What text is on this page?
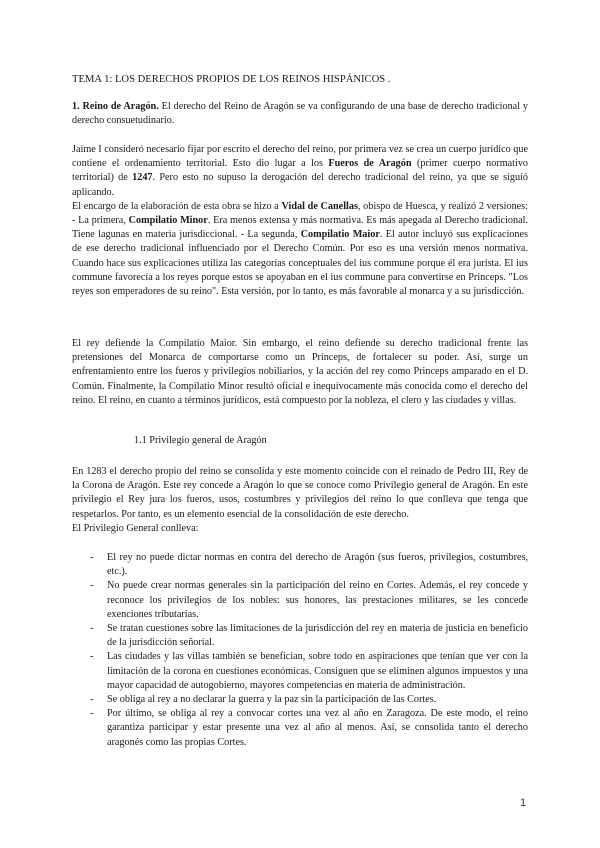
TEMA 1: LOS DERECHOS PROPIOS DE LOS REINOS HISPÁNICOS .

1. Reino de Aragón. El derecho del Reino de Aragón se va configurando de una base de derecho tradicional y derecho consuetudinario.

Jaime I consideró necesario fijar por escrito el derecho del reino, por primera vez se crea un cuerpo jurídico que contiene el ordenamiento territorial. Esto dio lugar a los Fueros de Aragón (primer cuerpo normativo territorial) de 1247. Pero esto no supuso la derogación del derecho tradicional del reino, ya que se siguió aplicando.

El encargo de la elaboración de esta obra se hizo a Vidal de Canellas, obispo de Huesca, y realizó 2 versiones: - La primera, Compilatio Minor. Era menos extensa y más normativa. Es más apegada al Derecho tradicional. Tiene lagunas en materia jurisdiccional. - La segunda, Compilatio Maior. El autor incluyó sus explicaciones de ese derecho tradicional influenciado por el Derecho Común. Por eso es una versión menos normativa. Cuando hace sus explicaciones utiliza las categorías conceptuales del ius commune porque él era jurista. El ius commune favorecía a los reyes porque estos se apoyaban en el ius commune para convertirse en Princeps. "Los reyes son emperadores de su reino". Esta versión, por lo tanto, es más favorable al monarca y a su jurisdicción.

El rey defiende la Compilatio Maior. Sin embargo, el reino defiende su derecho tradicional frente las pretensiones del Monarca de comportarse como un Princeps, de fortalecer su poder. Así, surge un enfrentamiento entre los fueros y privilegios nobiliarios, y la acción del rey como Princeps amparado en el D. Común. Finalmente, la Compilatio Minor resultó oficial e inequívocamente más conocida como el derecho del reino. El reino, en cuanto a términos jurídicos, está compuesto por la nobleza, el clero y las ciudades y villas.

1.1 Privilegio general de Aragón

En 1283 el derecho propio del reino se consolida y este momento coincide con el reinado de Pedro III, Rey de la Corona de Aragón. Este rey concede a Aragón lo que se conoce como Privilegio general de Aragón. En este privilegio el Rey jura los fueros, usos, costumbres y privilegios del reino lo que conlleva que tenga que respetarlos. Por tanto, es un elemento esencial de la consolidación de este derecho.

El Privilegio General conlleva:

- El rey no puede dictar normas en contra del derecho de Aragón (sus fueros, privilegios, costumbres, etc.).

- No puede crear normas generales sin la participación del reino en Cortes. Además, el rey concede y reconoce los privilegios de los nobles: sus honores, las prestaciones militares, se les concede exenciones tributarias.

- Se tratan cuestiones sobre las limitaciones de la jurisdicción del rey en materia de justicia en beneficio de la jurisdicción señorial.

- Las ciudades y las villas también se benefician, sobre todo en aspiraciones que tenían que ver con la limitación de la corona en cuestiones económicas. Consiguen que se eliminen algunos impuestos y una mayor capacidad de autogobierno, mayores competencias en materia de administración.

- Se obliga al rey a no declarar la guerra y la paz sin la participación de las Cortes.

- Por último, se obliga al rey a convocar cortes una vez al año en Zaragoza. De este modo, el reino garantiza participar y estar presente una vez al año al menos. Así, se consolida tanto el derecho aragonés como las propias Cortes.

1
